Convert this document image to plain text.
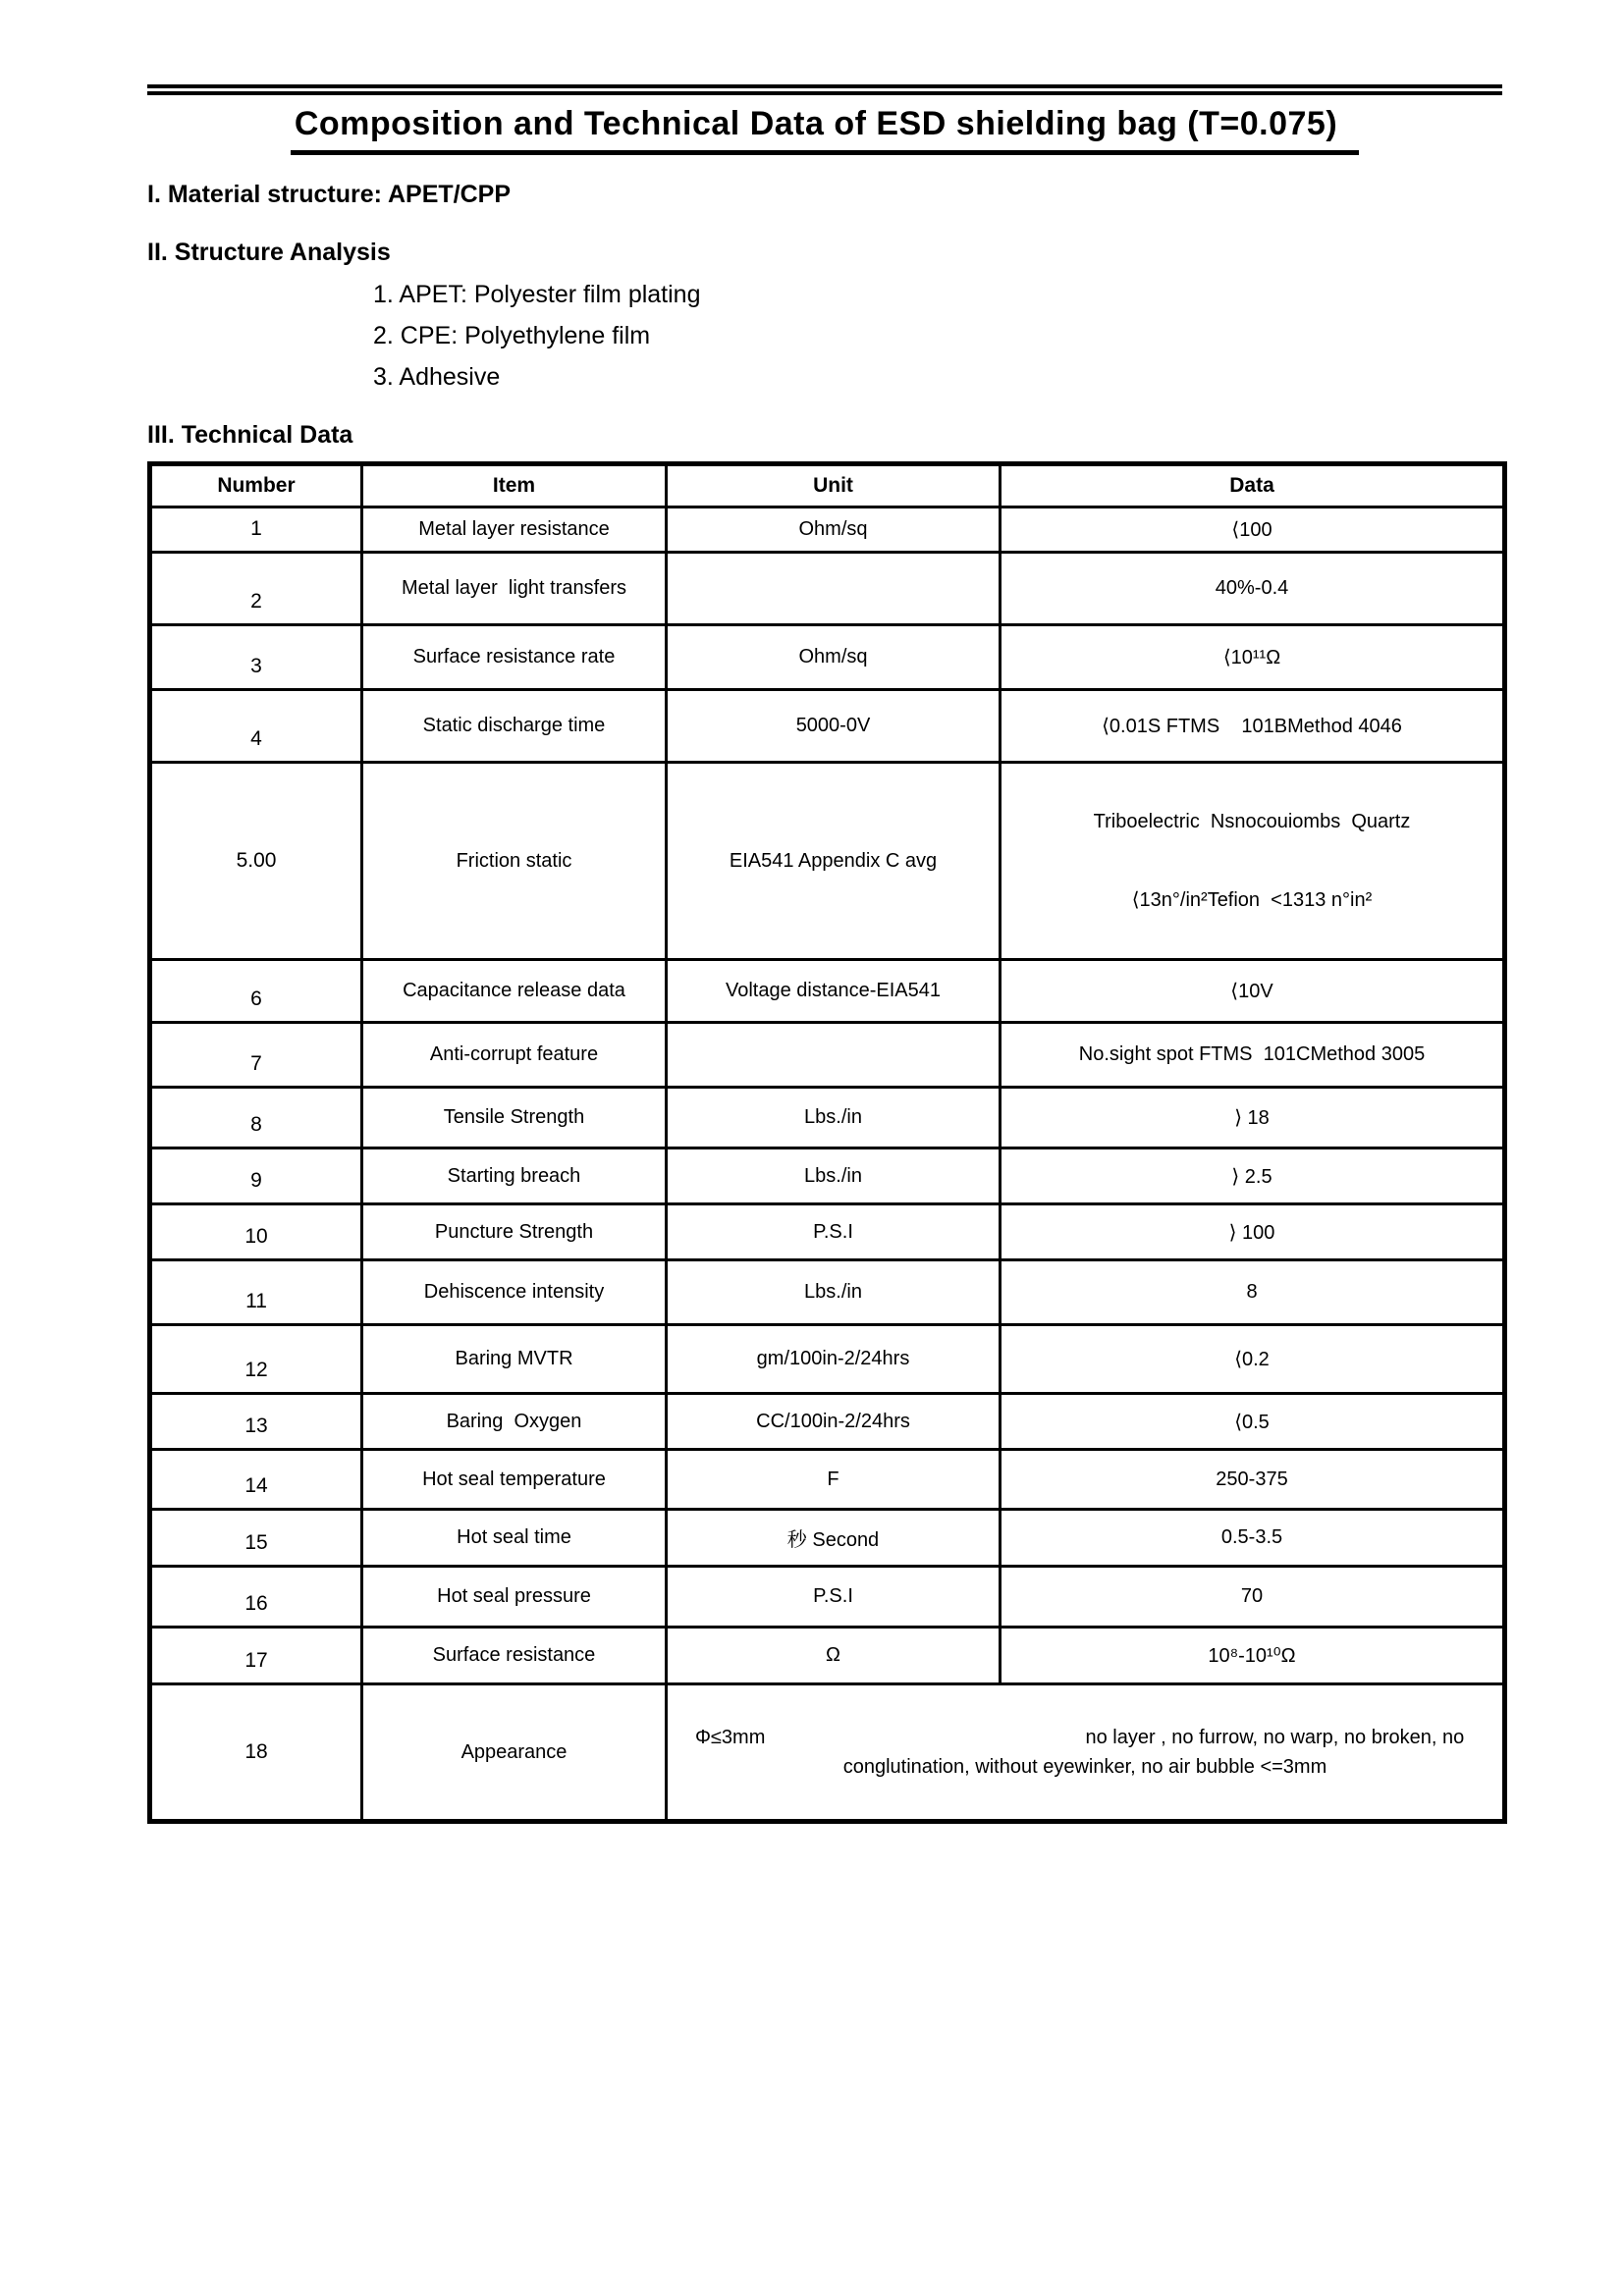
Composition and Technical Data of ESD shielding bag (T=0.075)

I. Material structure: APET/CPP

II. Structure Analysis

1. APET: Polyester film plating
2. CPE: Polyethylene film
3. Adhesive

III. Technical Data

Number	Item	Unit	Data
1	Metal layer resistance	Ohm/sq	⟨100
2	Metal layer  light transfers		40%-0.4
3	Surface resistance rate	Ohm/sq	⟨10¹¹Ω
4	Static discharge time	5000-0V	⟨0.01S FTMS    101BMethod 4046
5.00	Friction static	EIA541 Appendix C avg	Triboelectric  Nsnocouiombs  Quartz

⟨13n°/in²Tefion  <1313 n°in²

6	Capacitance release data	Voltage distance-EIA541	⟨10V
7	Anti-corrupt feature		No.sight spot FTMS  101CMethod 3005
8	Tensile Strength	Lbs./in	⟩ 18
9	Starting breach	Lbs./in	⟩ 2.5
10	Puncture Strength	P.S.I	⟩ 100
11	Dehiscence intensity	Lbs./in	8
12	Baring MVTR	gm/100in-2/24hrs	⟨0.2
13	Baring  Oxygen	CC/100in-2/24hrs	⟨0.5
14	Hot seal temperature	F	250-375
15	Hot seal time	秒 Second	0.5-3.5
16	Hot seal pressure	P.S.I	70
17	Surface resistance	Ω	10⁸-10¹⁰Ω
18	Appearance	Φ≤3mm no layer , no furrow, no warp, no broken, no conglutination, without eyewinker, no air bubble <=3mm	
